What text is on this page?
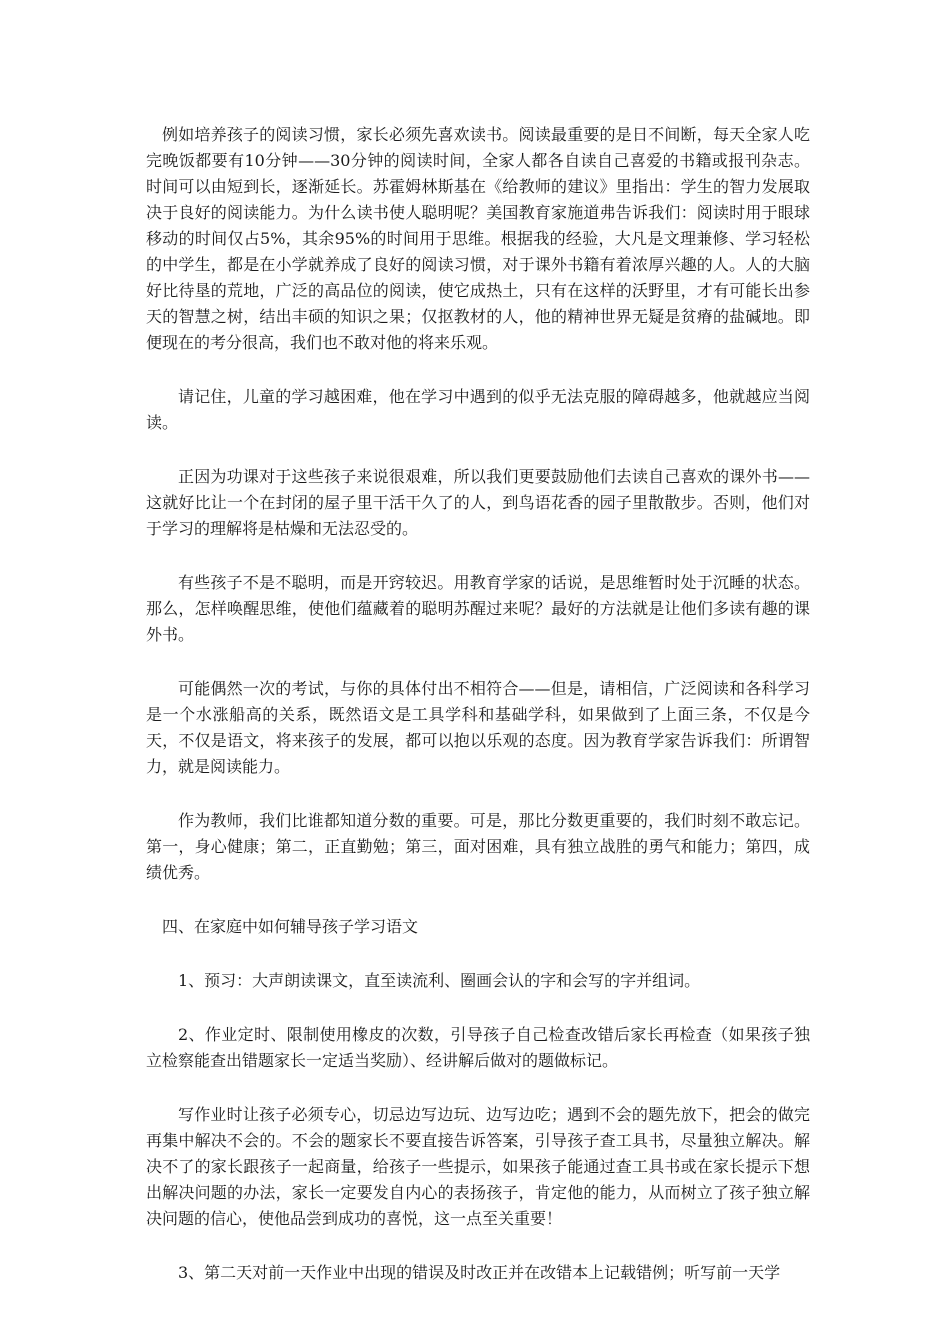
例如培养孩子的阅读习惯，家长必须先喜欢读书。阅读最重要的是日不间断，每天全家人吃完晚饭都要有10分钟——30分钟的阅读时间，全家人都各自读自己喜爱的书籍或报刊杂志。时间可以由短到长，逐渐延长。苏霍姆林斯基在《给教师的建议》里指出：学生的智力发展取决于良好的阅读能力。为什么读书使人聪明呢？美国教育家施道弗告诉我们：阅读时用于眼球移动的时间仅占5%，其余95%的时间用于思维。根据我的经验，大凡是文理兼修、学习轻松的中学生，都是在小学就养成了良好的阅读习惯，对于课外书籍有着浓厚兴趣的人。人的大脑好比待垦的荒地，广泛的高品位的阅读，使它成热土，只有在这样的沃野里，才有可能长出参天的智慧之树，结出丰硕的知识之果；仅抠教材的人，他的精神世界无疑是贫瘠的盐碱地。即便现在的考分很高，我们也不敢对他的将来乐观。

请记住，儿童的学习越困难，他在学习中遇到的似乎无法克服的障碍越多，他就越应当阅读。

正因为功课对于这些孩子来说很艰难，所以我们更要鼓励他们去读自己喜欢的课外书——这就好比让一个在封闭的屋子里干活干久了的人，到鸟语花香的园子里散散步。否则，他们对于学习的理解将是枯燥和无法忍受的。

有些孩子不是不聪明，而是开窍较迟。用教育学家的话说，是思维暂时处于沉睡的状态。那么，怎样唤醒思维，使他们蕴藏着的聪明苏醒过来呢？最好的方法就是让他们多读有趣的课外书。

可能偶然一次的考试，与你的具体付出不相符合——但是，请相信，广泛阅读和各科学习是一个水涨船高的关系，既然语文是工具学科和基础学科，如果做到了上面三条，不仅是今天，不仅是语文，将来孩子的发展，都可以抱以乐观的态度。因为教育学家告诉我们：所谓智力，就是阅读能力。

作为教师，我们比谁都知道分数的重要。可是，那比分数更重要的，我们时刻不敢忘记。第一，身心健康；第二，正直勤勉；第三，面对困难，具有独立战胜的勇气和能力；第四，成绩优秀。

四、在家庭中如何辅导孩子学习语文

1、预习：大声朗读课文，直至读流利、圈画会认的字和会写的字并组词。

2、作业定时、限制使用橡皮的次数，引导孩子自己检查改错后家长再检查（如果孩子独立检察能查出错题家长一定适当奖励）、经讲解后做对的题做标记。

写作业时让孩子必须专心，切忌边写边玩、边写边吃；遇到不会的题先放下，把会的做完再集中解决不会的。不会的题家长不要直接告诉答案，引导孩子查工具书，尽量独立解决。解决不了的家长跟孩子一起商量，给孩子一些提示，如果孩子能通过查工具书或在家长提示下想出解决问题的办法，家长一定要发自内心的表扬孩子，肯定他的能力，从而树立了孩子独立解决问题的信心，使他品尝到成功的喜悦，这一点至关重要！

3、第二天对前一天作业中出现的错误及时改正并在改错本上记载错例；听写前一天学
